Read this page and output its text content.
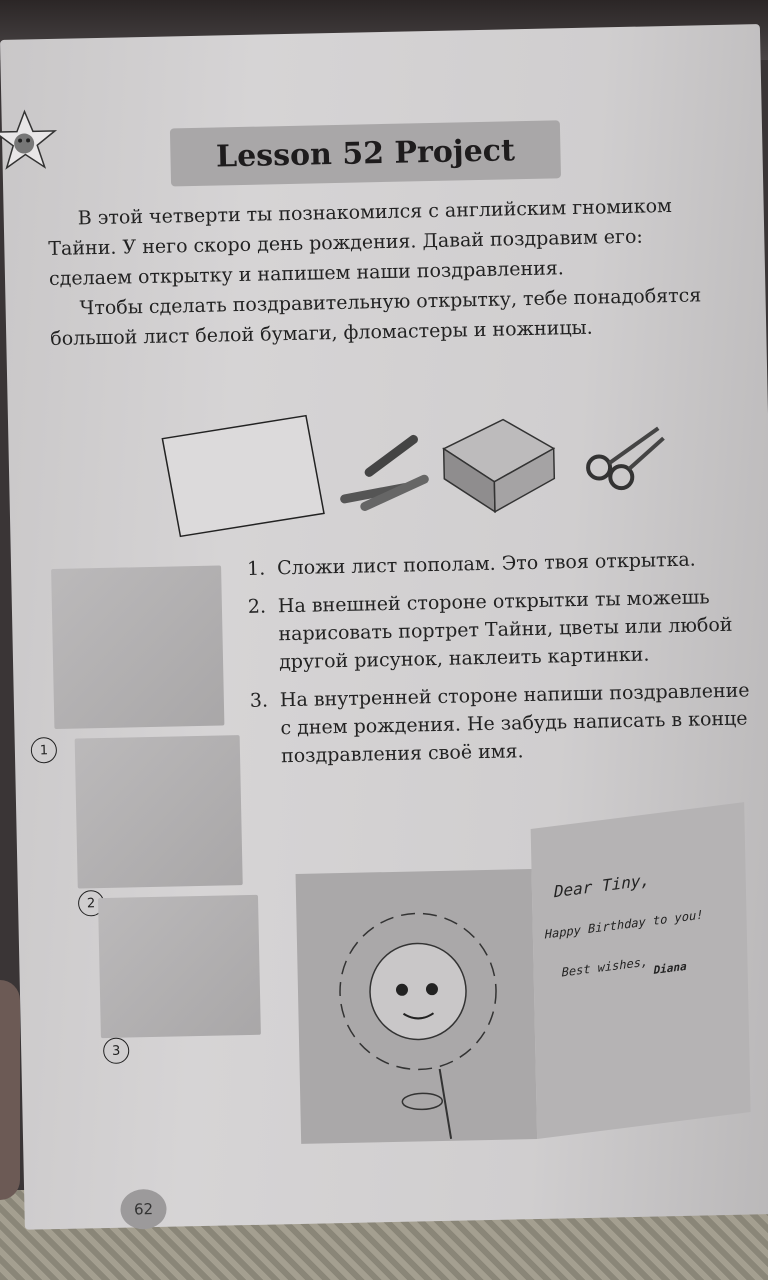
Lesson 52 Project

В этой четверти ты познакомился с английским гномиком Тайни. У него скоро день рождения. Давай поздравим его: сделаем открытку и напишем наши поздравления.

Чтобы сделать поздравительную открытку, тебе понадобятся большой лист белой бумаги, фломастеры и ножницы.

1. Сложи лист пополам. Это твоя открытка.
2. На внешней стороне открытки ты можешь нарисовать портрет Тайни, цветы или любой другой рисунок, наклеить картинки.
3. На внутренней стороне напиши поздравление с днем рождения. Не забудь написать в конце поздравления своё имя.
1
2
3
Dear Tiny,
Happy Birthday to you!
Best wishes, Diana
62
